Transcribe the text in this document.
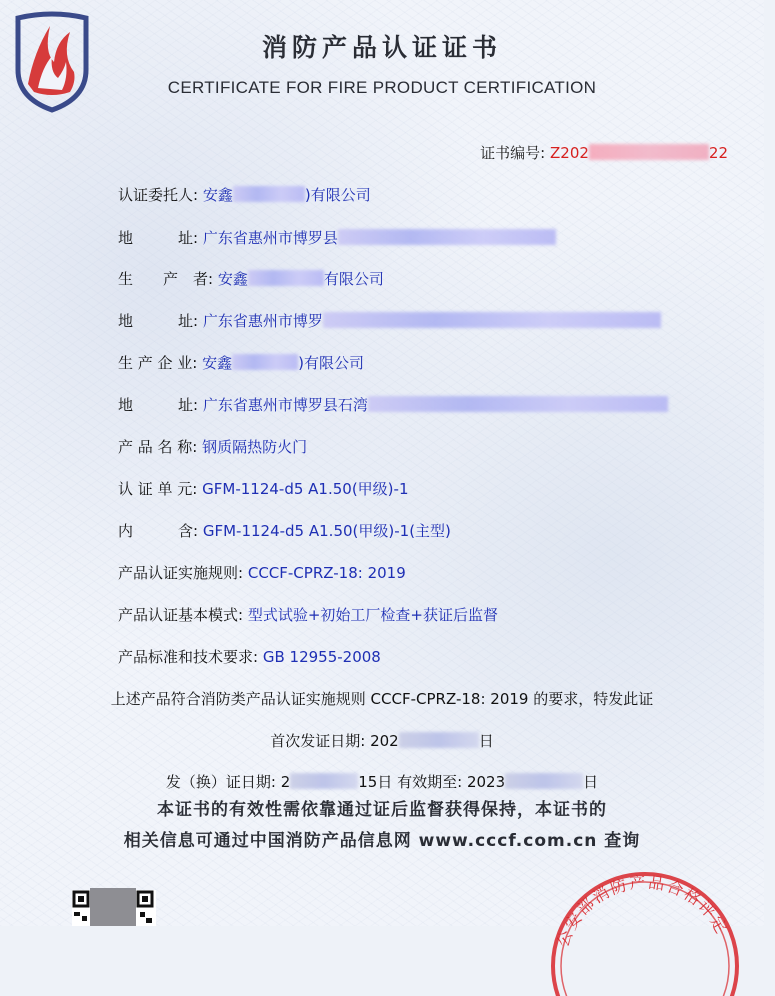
消防产品认证证书
CERTIFICATE FOR FIRE PRODUCT CERTIFICATION
证书编号: Z202	22
认证委托人: 安鑫	)有限公司
地　　　址: 广东省惠州市博罗县
生　　产　者: 安鑫	有限公司
地　　　址: 广东省惠州市博罗
生 产 企 业: 安鑫	)有限公司
地　　　址: 广东省惠州市博罗县石湾
产 品 名 称: 钢质隔热防火门
认 证 单 元: GFM-1124-d5 A1.50(甲级)-1
内　　　含: GFM-1124-d5 A1.50(甲级)-1(主型)
产品认证实施规则: CCCF-CPRZ-18: 2019
产品认证基本模式: 型式试验+初始工厂检查+获证后监督
产品标准和技术要求: GB 12955-2008
上述产品符合消防类产品认证实施规则 CCCF-CPRZ-18: 2019 的要求，特发此证
首次发证日期: 202	日
发（换）证日期: 2	15日 有效期至: 2023	日
本证书的有效性需依靠通过证后监督获得保持，本证书的
相关信息可通过中国消防产品信息网 www.cccf.com.cn 查询
公安部消防产品合格评定
